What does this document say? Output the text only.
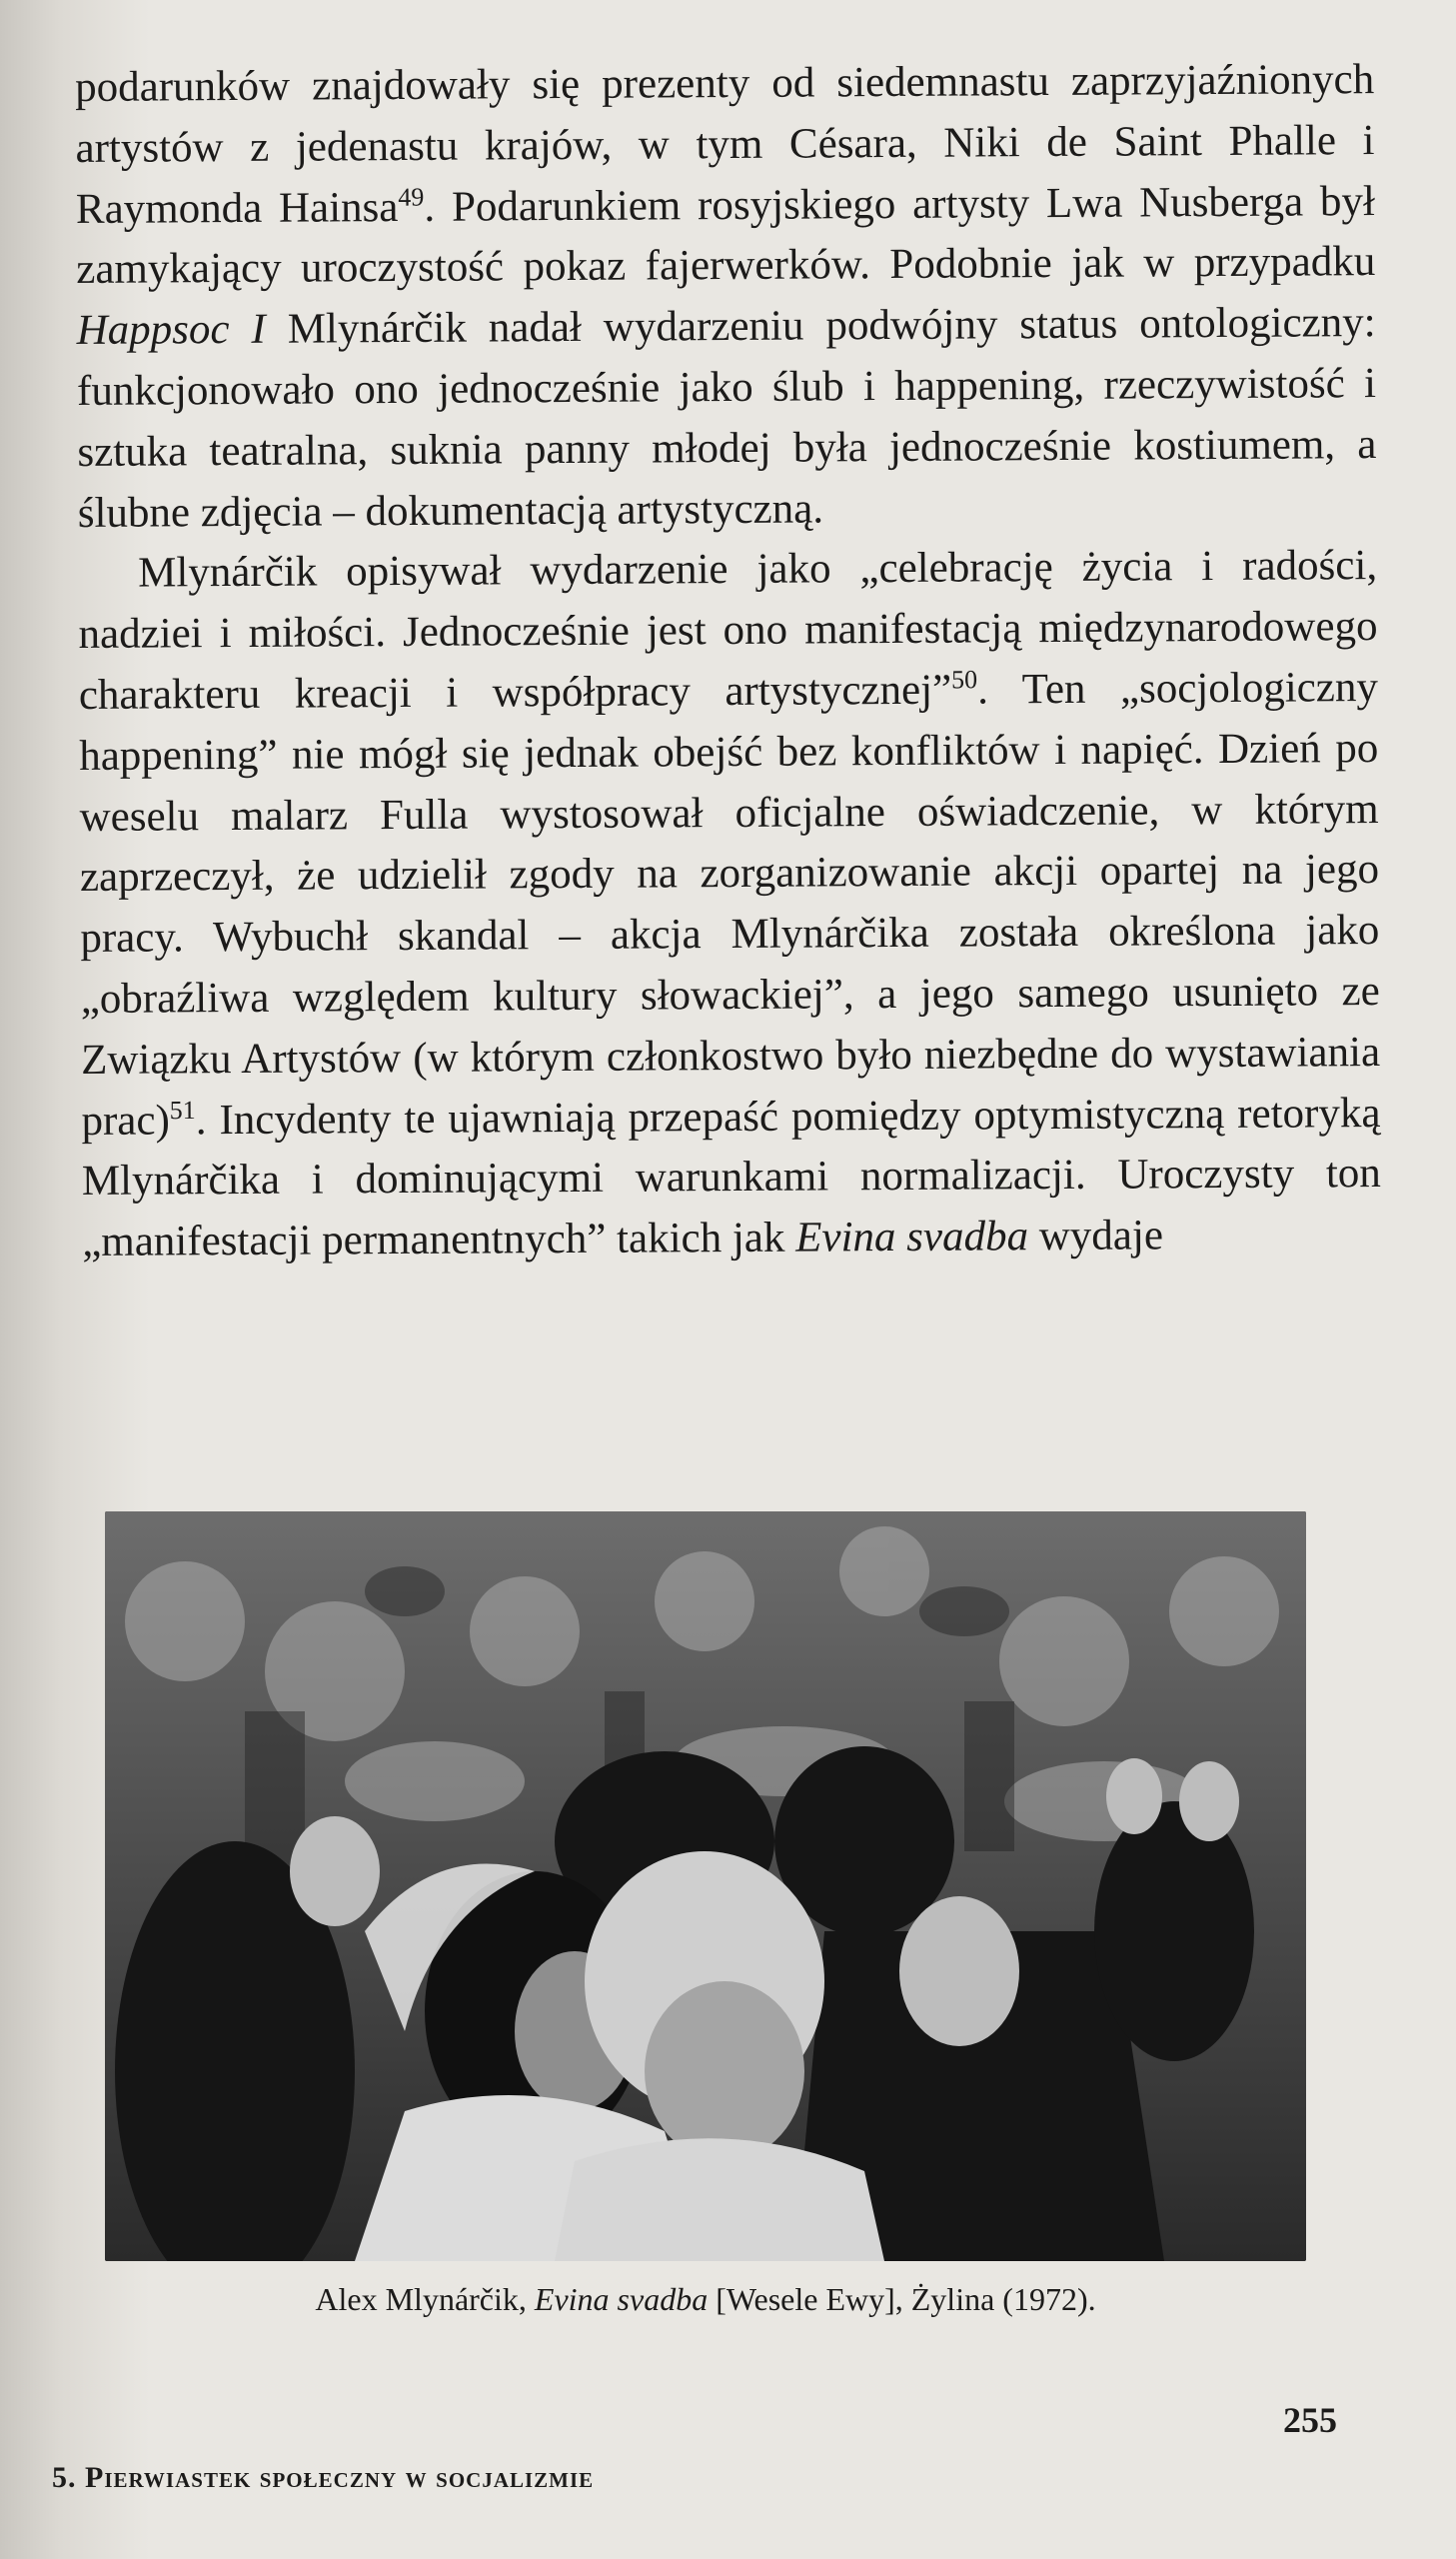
podarunków znajdowały się prezenty od siedemnastu zaprzyjaźnionych artystów z jedenastu krajów, w tym Césara, Niki de Saint Phalle i Raymonda Hainsa$^{49}$. Podarunkiem rosyjskiego artysty Lwa Nusberga był zamykający uroczystość pokaz fajerwerków. Podobnie jak w przypadku Happsoc I Mlynárčik nadał wydarzeniu podwójny status ontologiczny: funkcjonowało ono jednocześnie jako ślub i happening, rzeczywistość i sztuka teatralna, suknia panny młodej była jednocześnie kostiumem, a ślubne zdjęcia – dokumentacją artystyczną.

Mlynárčik opisywał wydarzenie jako „celebrację życia i radości, nadziei i miłości. Jednocześnie jest ono manifestacją międzynarodowego charakteru kreacji i współpracy artystycznej”$^{50}$. Ten „socjologiczny happening” nie mógł się jednak obejść bez konfliktów i napięć. Dzień po weselu malarz Fulla wystosował oficjalne oświadczenie, w którym zaprzeczył, że udzielił zgody na zorganizowanie akcji opartej na jego pracy. Wybuchł skandal – akcja Mlynárčika została określona jako „obraźliwa względem kultury słowackiej”, a jego samego usunięto ze Związku Artystów (w którym członkostwo było niezbędne do wystawiania prac)$^{51}$. Incydenty te ujawniają przepaść pomiędzy optymistyczną retoryką Mlynárčika i dominującymi warunkami normalizacji. Uroczysty ton „manifestacji permanentnych” takich jak Evina svadba wydaje

Alex Mlynárčik, Evina svadba [Wesele Ewy], Żylina (1972).
255
5. Pierwiastek społeczny w socjalizmie
